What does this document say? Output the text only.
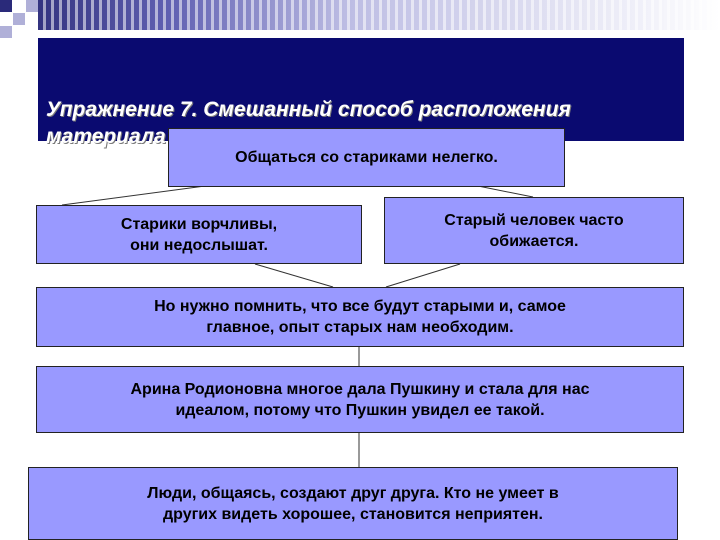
Упражнение 7. Смешанный способ расположения
материала
Общаться со стариками нелегко.
Старики ворчливы,
они недослышат.
Старый человек часто
обижается.
Но нужно помнить, что все будут старыми и, самое
главное, опыт старых нам необходим.
Арина Родионовна многое дала Пушкину и стала для нас
идеалом, потому что Пушкин увидел ее такой.
Люди, общаясь, создают друг друга. Кто не умеет в
других видеть хорошее, становится неприятен.
